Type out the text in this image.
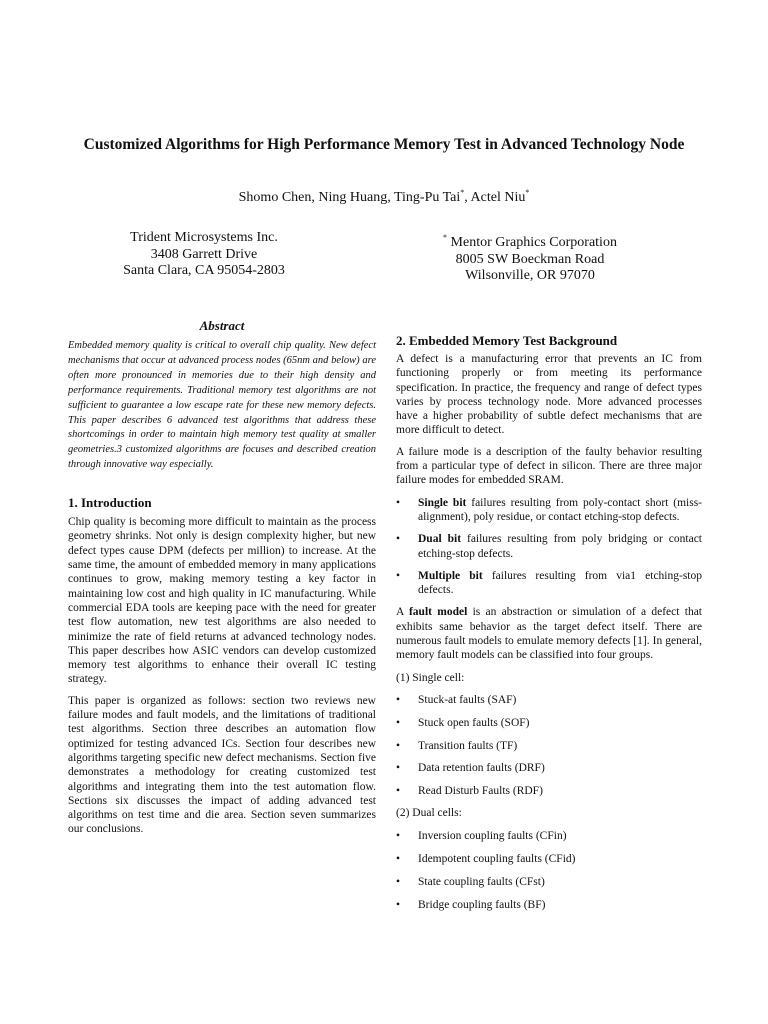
Customized Algorithms for High Performance Memory Test in Advanced Technology Node
Shomo Chen, Ning Huang, Ting-Pu Tai*, Actel Niu*
Trident Microsystems Inc.
3408 Garrett Drive
Santa Clara, CA 95054-2803
* Mentor Graphics Corporation
8005 SW Boeckman Road
Wilsonville, OR 97070
Abstract

Embedded memory quality is critical to overall chip quality. New defect mechanisms that occur at advanced process nodes (65nm and below) are often more pronounced in memories due to their high density and performance requirements. Traditional memory test algorithms are not sufficient to guarantee a low escape rate for these new memory defects. This paper describes 6 advanced test algorithms that address these shortcomings in order to maintain high memory test quality at smaller geometries.3 customized algorithms are focuses and described creation through innovative way especially.

1. Introduction

Chip quality is becoming more difficult to maintain as the process geometry shrinks. Not only is design complexity higher, but new defect types cause DPM (defects per million) to increase. At the same time, the amount of embedded memory in many applications continues to grow, making memory testing a key factor in maintaining low cost and high quality in IC manufacturing. While commercial EDA tools are keeping pace with the need for greater test flow automation, new test algorithms are also needed to minimize the rate of field returns at advanced technology nodes. This paper describes how ASIC vendors can develop customized memory test algorithms to enhance their overall IC testing strategy.

This paper is organized as follows: section two reviews new failure modes and fault models, and the limitations of traditional test algorithms. Section three describes an automation flow optimized for testing advanced ICs. Section four describes new algorithms targeting specific new defect mechanisms. Section five demonstrates a methodology for creating customized test algorithms and integrating them into the test automation flow. Sections six discusses the impact of adding advanced test algorithms on test time and die area. Section seven summarizes our conclusions.

2. Embedded Memory Test Background

A defect is a manufacturing error that prevents an IC from functioning properly or from meeting its performance specification. In practice, the frequency and range of defect types varies by process technology node. More advanced processes have a higher probability of subtle defect mechanisms that are more difficult to detect.

A failure mode is a description of the faulty behavior resulting from a particular type of defect in silicon. There are three major failure modes for embedded SRAM.

• Single bit failures resulting from poly-contact short (miss-alignment), poly residue, or contact etching-stop defects.
• Dual bit failures resulting from poly bridging or contact etching-stop defects.
• Multiple bit failures resulting from via1 etching-stop defects.

A fault model is an abstraction or simulation of a defect that exhibits same behavior as the target defect itself. There are numerous fault models to emulate memory defects [1]. In general, memory fault models can be classified into four groups.

(1) Single cell:
• Stuck-at faults (SAF)
• Stuck open faults (SOF)
• Transition faults (TF)
• Data retention faults (DRF)
• Read Disturb Faults (RDF)
(2) Dual cells:
• Inversion coupling faults (CFin)
• Idempotent coupling faults (CFid)
• State coupling faults (CFst)
• Bridge coupling faults (BF)
